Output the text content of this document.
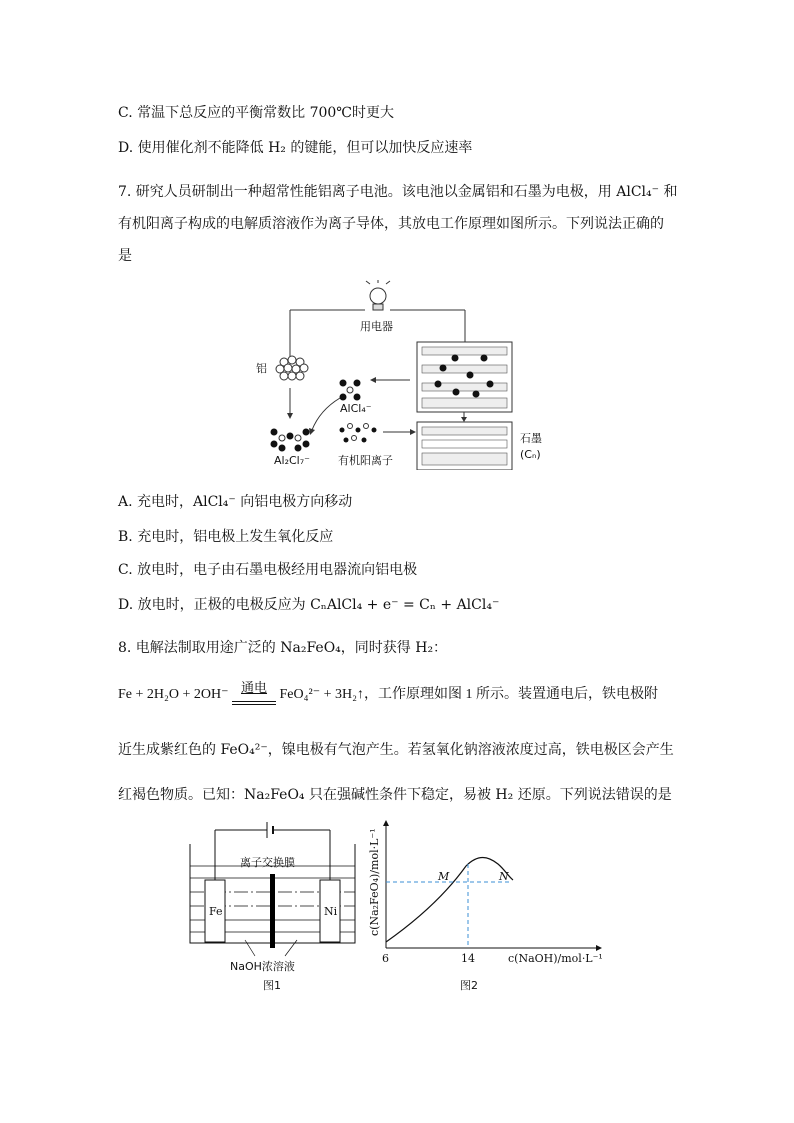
C. 常温下总反应的平衡常数比 700℃时更大
D. 使用催化剂不能降低 H₂ 的键能，但可以加快反应速率
7. 研究人员研制出一种超常性能铝离子电池。该电池以金属铝和石墨为电极，用 AlCl₄⁻ 和
有机阳离子构成的电解质溶液作为离子导体，其放电工作原理如图所示。下列说法正确的
是
用电器
铝
AlCl₄⁻
Al₂Cl₇⁻	有机阳离子
石墨
(Cₙ)
A. 充电时，AlCl₄⁻ 向铝电极方向移动
B. 充电时，铝电极上发生氧化反应
C. 放电时，电子由石墨电极经用电器流向铝电极
D. 放电时，正极的电极反应为 CₙAlCl₄ + e⁻ = Cₙ + AlCl₄⁻
8. 电解法制取用途广泛的 Na₂FeO₄，同时获得 H₂：
Fe + 2H₂O + 2OH⁻ 通电 FeO₄²⁻ + 3H₂↑，工作原理如图 1 所示。装置通电后，铁电极附
近生成紫红色的 FeO₄²⁻，镍电极有气泡产生。若氢氧化钠溶液浓度过高，铁电极区会产生
红褐色物质。已知：Na₂FeO₄ 只在强碱性条件下稳定，易被 H₂ 还原。下列说法错误的是
离子交换膜
Fe	Ni
NaOH浓溶液
图1
c(Na₂FeO₄)/mol·L⁻¹	M	N
6	14	c(NaOH)/mol·L⁻¹
图2
